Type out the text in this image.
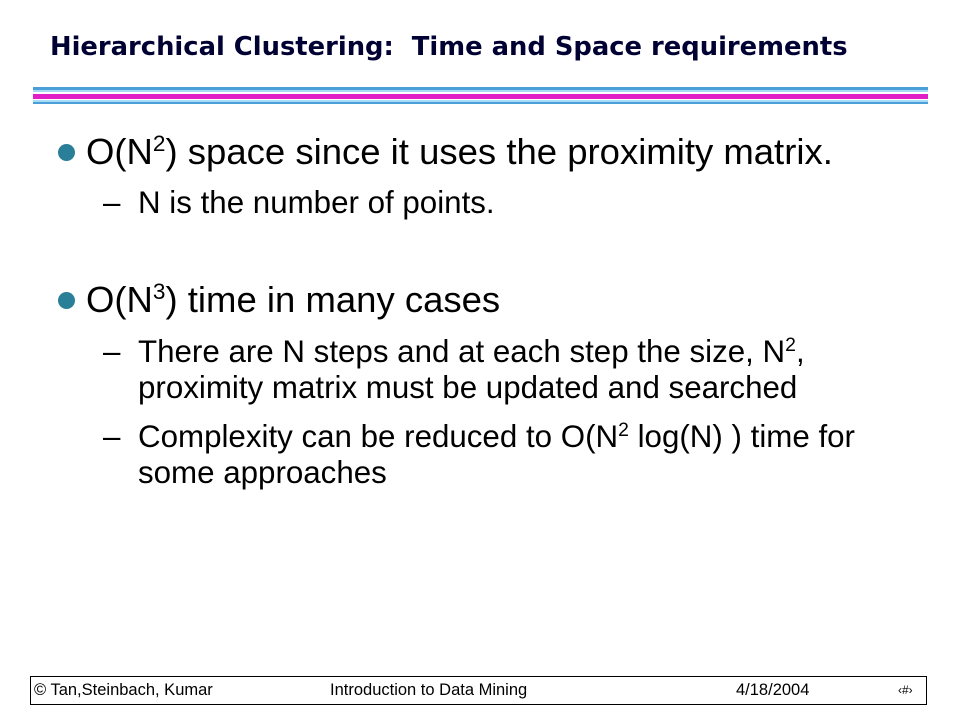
Hierarchical Clustering:  Time and Space requirements
$O(N^2)$ space since it uses the proximity matrix.
– N is the number of points.
$O(N^3)$ time in many cases
– There are N steps and at each step the size, $N^2$, proximity matrix must be updated and searched
– Complexity can be reduced to $O(N^2$ log(N) ) time for some approaches
© Tan,Steinbach, Kumar	Introduction to Data Mining	4/18/2004	‹#›
